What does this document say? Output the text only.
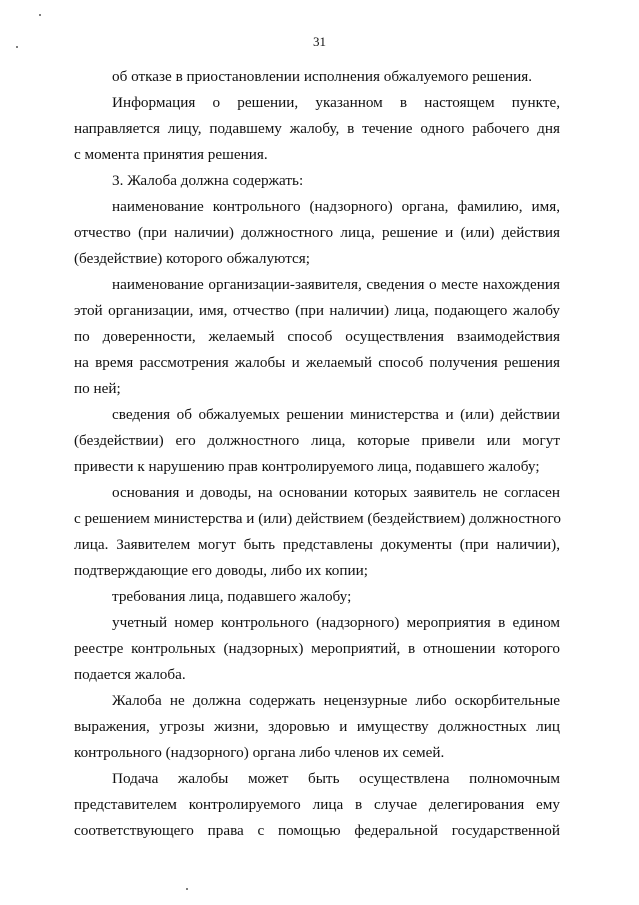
31
об отказе в приостановлении исполнения обжалуемого решения.
Информация о решении, указанном в настоящем пункте,
направляется лицу, подавшему жалобу, в течение одного рабочего дня
с момента принятия решения.
3. Жалоба должна содержать:
наименование контрольного (надзорного) органа, фамилию, имя,
отчество (при наличии) должностного лица, решение и (или) действия
(бездействие) которого обжалуются;
наименование организации-заявителя, сведения о месте нахождения
этой организации, имя, отчество (при наличии) лица, подающего жалобу
по доверенности, желаемый способ осуществления взаимодействия
на время рассмотрения жалобы и желаемый способ получения решения
по ней;
сведения об обжалуемых решении министерства и (или) действии
(бездействии) его должностного лица, которые привели или могут
привести к нарушению прав контролируемого лица, подавшего жалобу;
основания и доводы, на основании которых заявитель не согласен
с решением министерства и (или) действием (бездействием) должностного
лица. Заявителем могут быть представлены документы (при наличии),
подтверждающие его доводы, либо их копии;
требования лица, подавшего жалобу;
учетный номер контрольного (надзорного) мероприятия в едином
реестре контрольных (надзорных) мероприятий, в отношении которого
подается жалоба.
Жалоба не должна содержать нецензурные либо оскорбительные
выражения, угрозы жизни, здоровью и имуществу должностных лиц
контрольного (надзорного) органа либо членов их семей.
Подача жалобы может быть осуществлена полномочным
представителем контролируемого лица в случае делегирования ему
соответствующего права с помощью федеральной государственной
